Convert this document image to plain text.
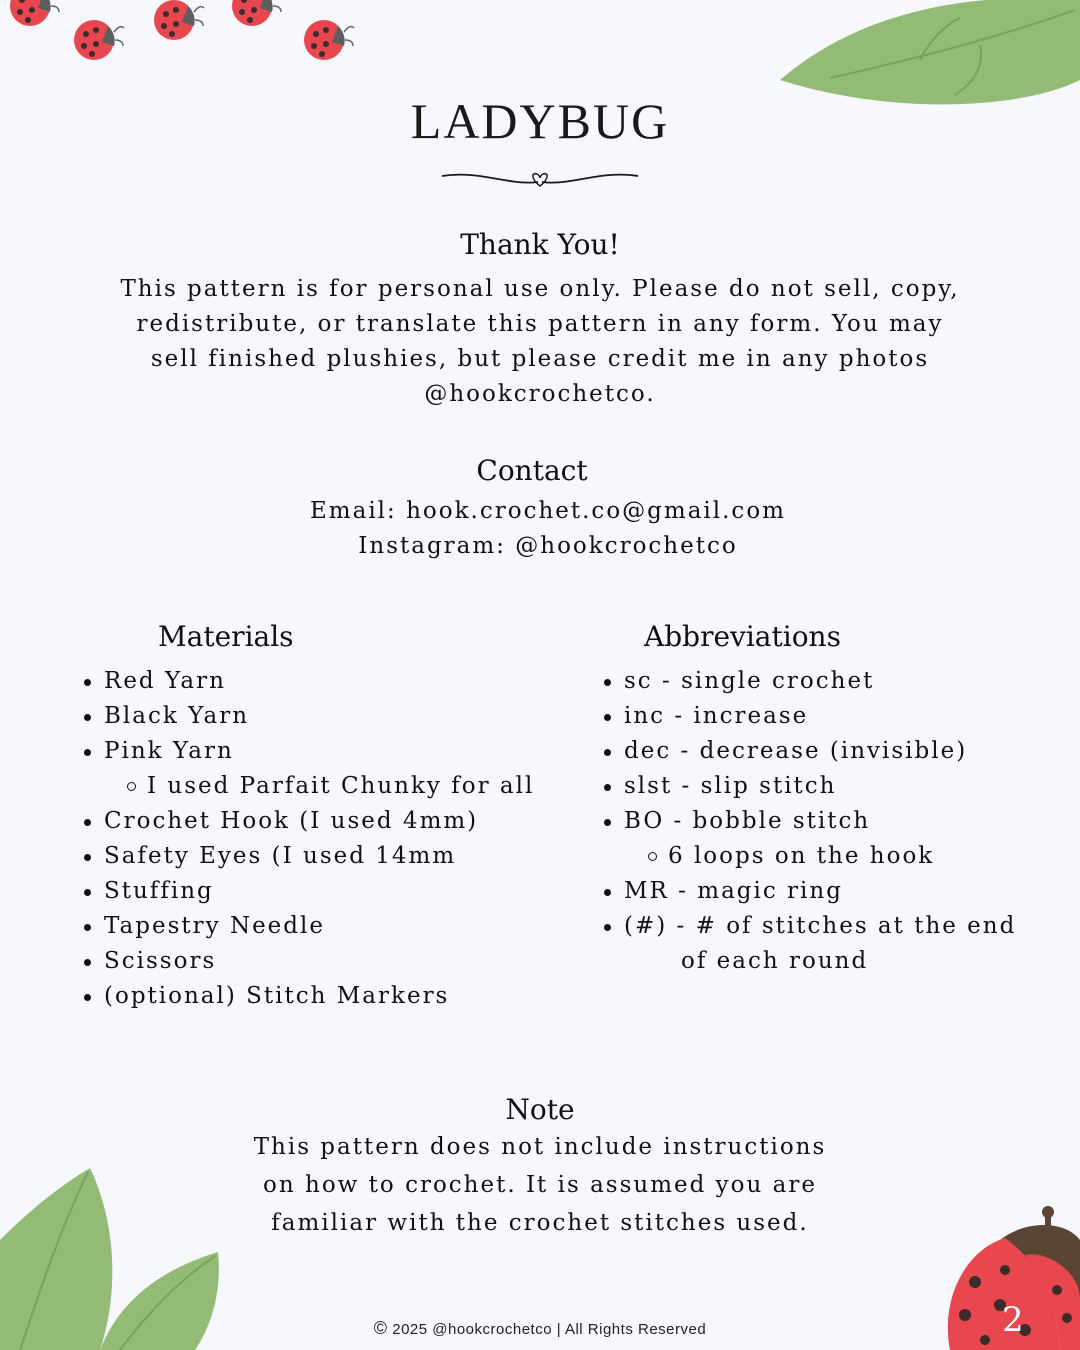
LADYBUG
Thank You!

This pattern is for personal use only. Please do not sell, copy,

redistribute, or translate this pattern in any form. You may

sell finished plushies, but please credit me in any photos

@hookcrochetco.

Contact

Email: hook.crochet.co@gmail.com

Instagram: @hookcrochetco

Materials
Red Yarn
Black Yarn
Pink Yarn
I used Parfait Chunky for all
Crochet Hook (I used 4mm)
Safety Eyes (I used 14mm
Stuffing
Tapestry Needle
Scissors
(optional) Stitch Markers
Abbreviations
sc - single crochet
inc - increase
dec - decrease (invisible)
slst - slip stitch
BO - bobble stitch
6 loops on the hook
MR - magic ring
(#) - # of stitches at the end
of each round
Note

This pattern does not include instructions

on how to crochet. It is assumed you are

familiar with the crochet stitches used.

© 2025 @hookcrochetco | All Rights Reserved	2
